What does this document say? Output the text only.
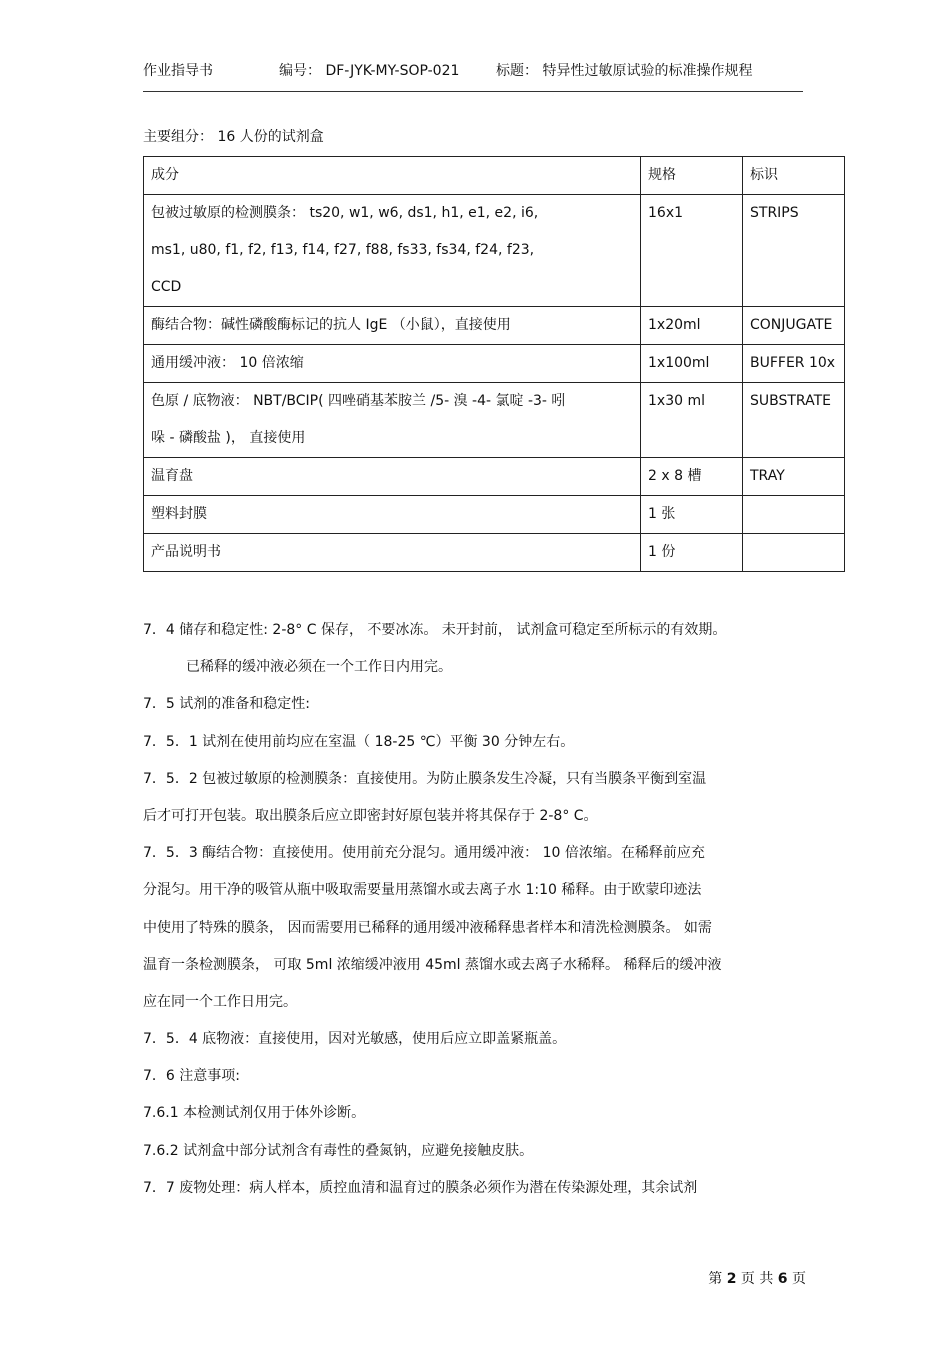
作业指导书	编号： DF-JYK-MY-SOP-021	标题： 特异性过敏原试验的标准操作规程
主要组分： 16 人份的试剂盒
成分	规格	标识
包被过敏原的检测膜条： ts20, w1, w6, ds1, h1, e1, e2, i6,
ms1, u80, f1, f2, f13, f14, f27, f88, fs33, fs34, f24, f23,
CCD	16x1	STRIPS
酶结合物：碱性磷酸酶标记的抗人 IgE （小鼠），直接使用	1x20ml	CONJUGATE
通用缓冲液： 10 倍浓缩	1x100ml	BUFFER 10x
色原 / 底物液： NBT/BCIP( 四唑硝基苯胺兰 /5- 溴 -4- 氯啶 -3- 吲
哚 - 磷酸盐 )， 直接使用	1x30 ml	SUBSTRATE
温育盘	2 x 8 槽	TRAY
塑料封膜	1 张	
产品说明书	1 份	

7．4 储存和稳定性: 2-8° C 保存， 不要冰冻。 未开封前， 试剂盒可稳定至所标示的有效期。

已稀释的缓冲液必须在一个工作日内用完。

7．5 试剂的准备和稳定性:

7．5．1 试剂在使用前均应在室温（ 18-25 ℃）平衡 30 分钟左右。

7．5．2 包被过敏原的检测膜条：直接使用。为防止膜条发生冷凝，只有当膜条平衡到室温

后才可打开包装。取出膜条后应立即密封好原包装并将其保存于 2-8° C。

7．5．3 酶结合物：直接使用。使用前充分混匀。通用缓冲液： 10 倍浓缩。在稀释前应充

分混匀。用干净的吸管从瓶中吸取需要量用蒸馏水或去离子水 1:10 稀释。由于欧蒙印迹法

中使用了特殊的膜条， 因而需要用已稀释的通用缓冲液稀释患者样本和清洗检测膜条。 如需

温育一条检测膜条， 可取 5ml 浓缩缓冲液用 45ml 蒸馏水或去离子水稀释。 稀释后的缓冲液

应在同一个工作日用完。

7．5．4 底物液：直接使用，因对光敏感，使用后应立即盖紧瓶盖。

7．6 注意事项:

7.6.1 本检测试剂仅用于体外诊断。

7.6.2 试剂盒中部分试剂含有毒性的叠氮钠，应避免接触皮肤。

7．7 废物处理：病人样本，质控血清和温育过的膜条必须作为潜在传染源处理，其余试剂

第 2 页 共 6 页
